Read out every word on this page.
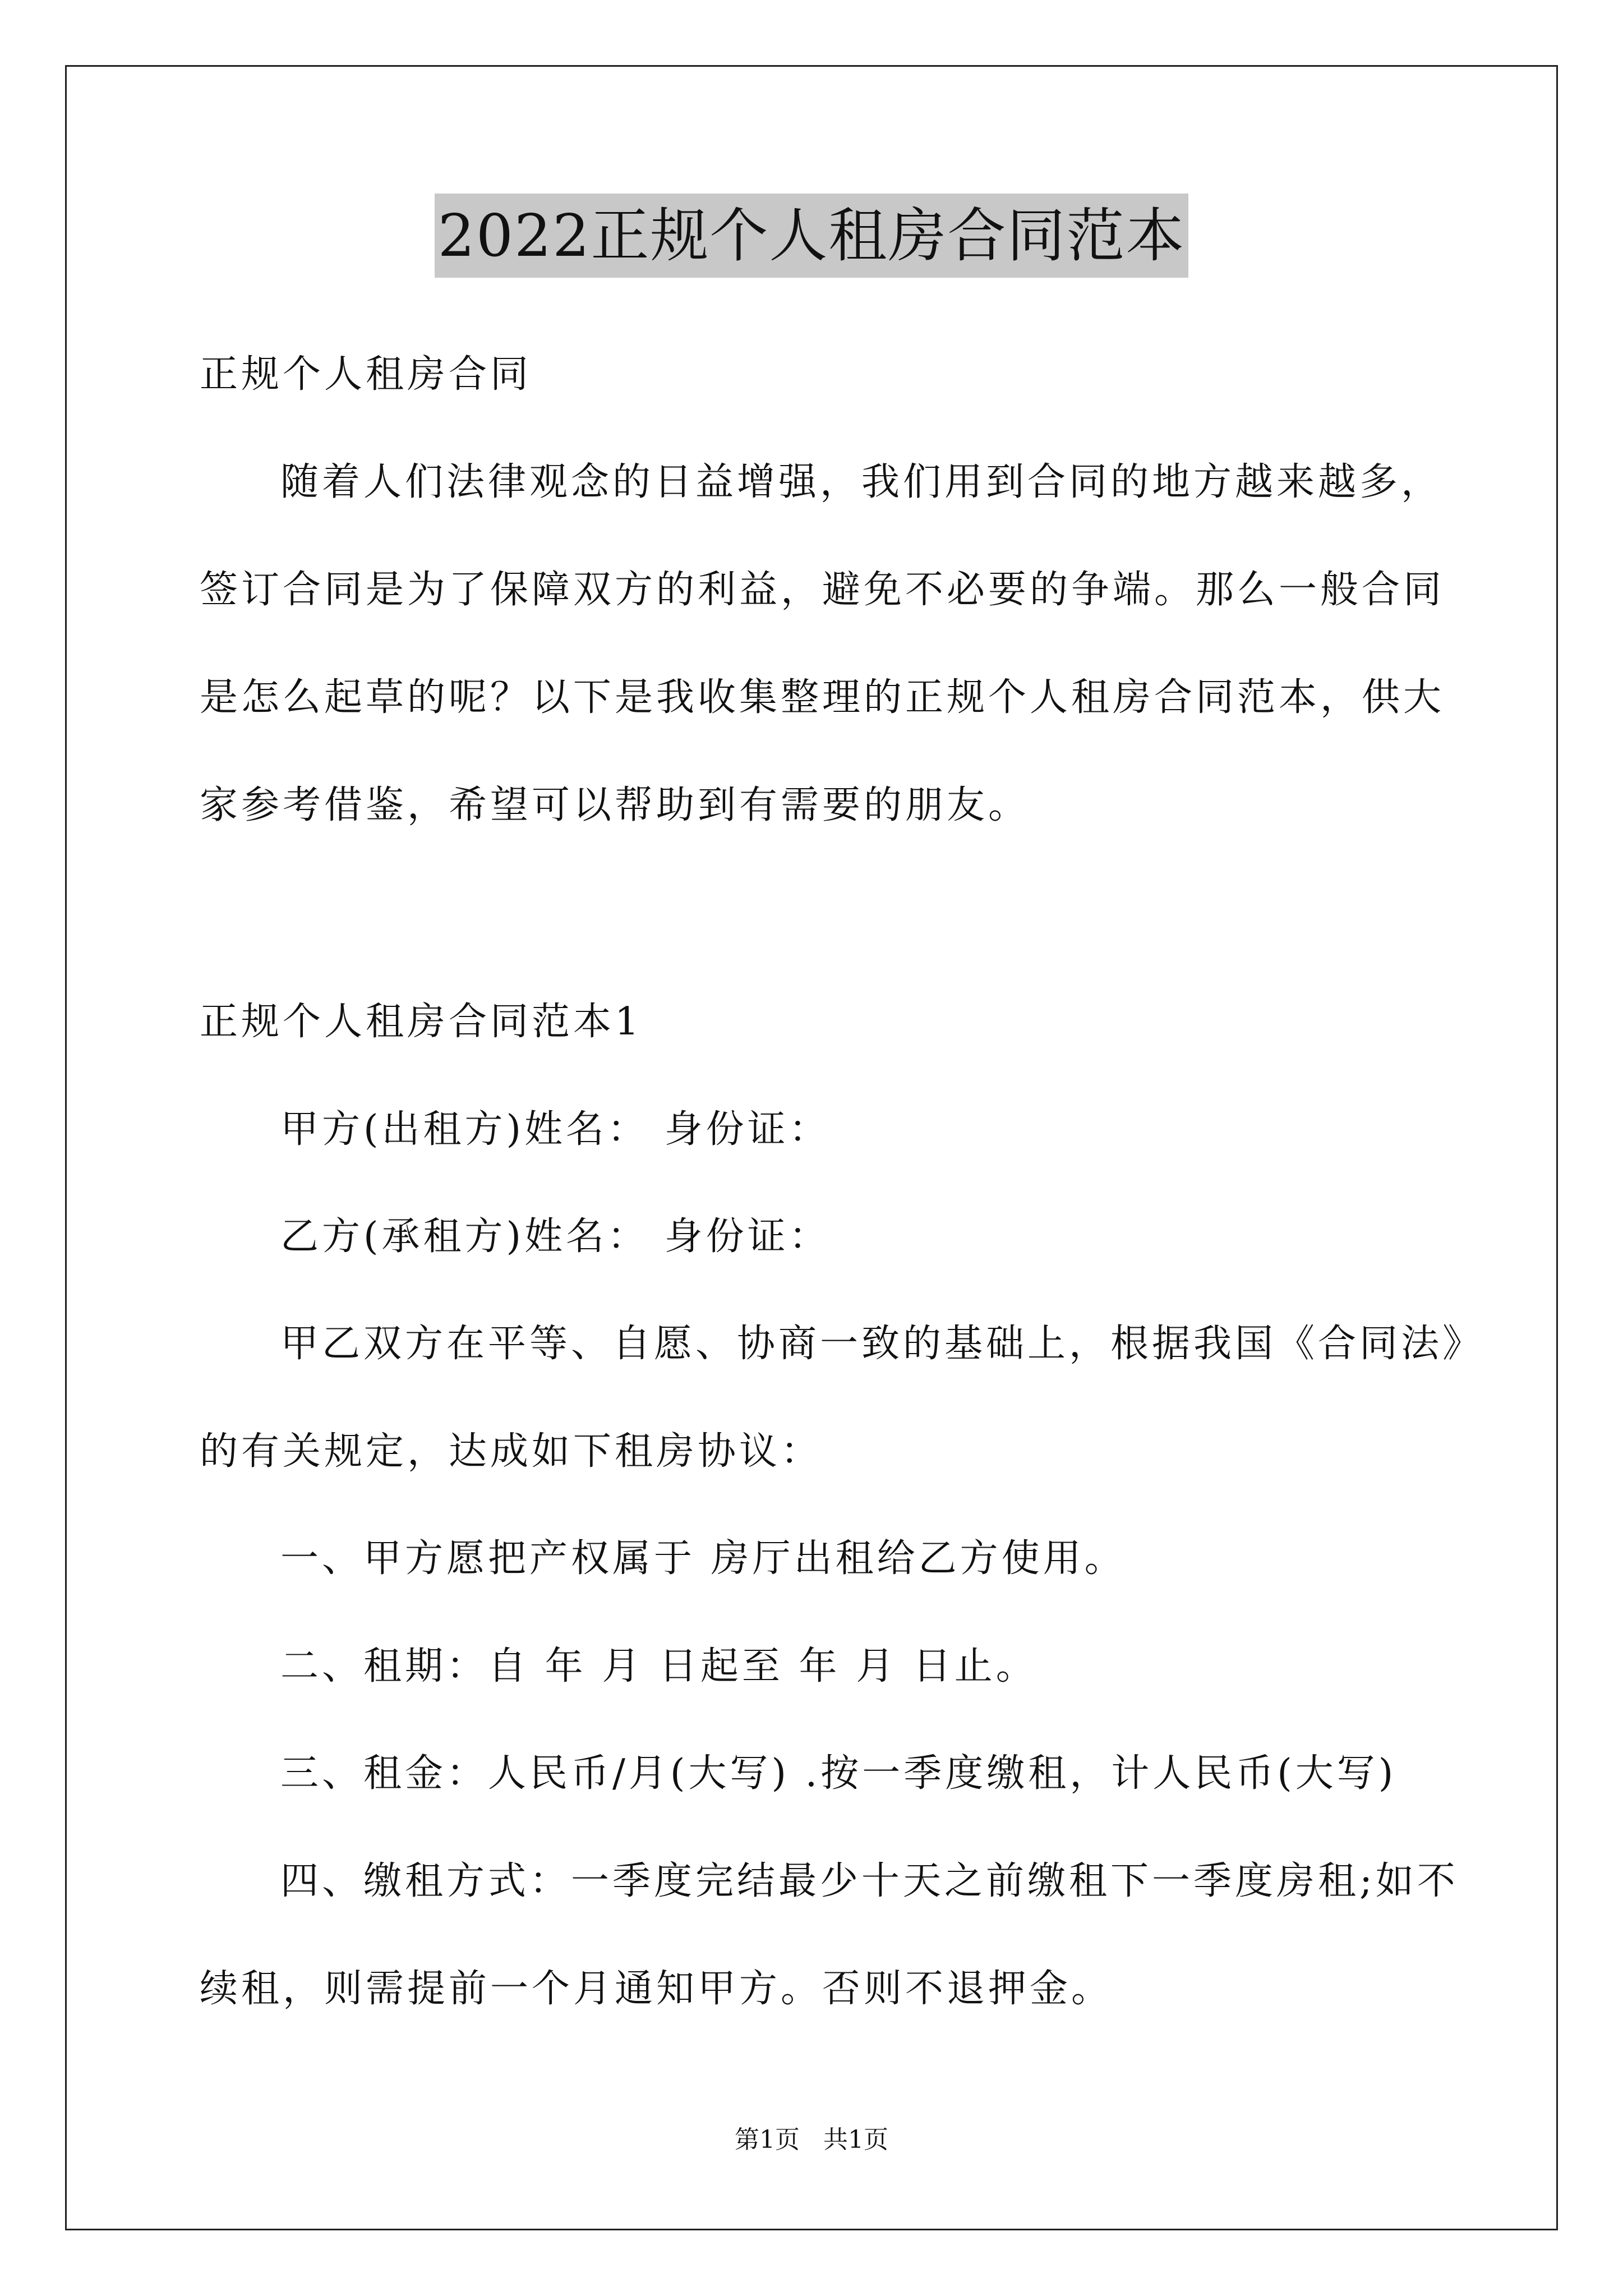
2022正规个人租房合同范本
正规个人租房合同
随着人们法律观念的日益增强，我们用到合同的地方越来越多，
签订合同是为了保障双方的利益，避免不必要的争端。那么一般合同
是怎么起草的呢？以下是我收集整理的正规个人租房合同范本，供大
家参考借鉴，希望可以帮助到有需要的朋友。
正规个人租房合同范本1
甲方(出租方)姓名： 身份证：
乙方(承租方)姓名： 身份证：
甲乙双方在平等、自愿、协商一致的基础上，根据我国《合同法》
的有关规定，达成如下租房协议：
一、甲方愿把产权属于 房厅出租给乙方使用。
二、租期：自 年 月 日起至 年 月 日止。
三、租金：人民币/月(大写) .按一季度缴租，计人民币(大写)
四、缴租方式：一季度完结最少十天之前缴租下一季度房租;如不
续租，则需提前一个月通知甲方。否则不退押金。
第1页   共1页
